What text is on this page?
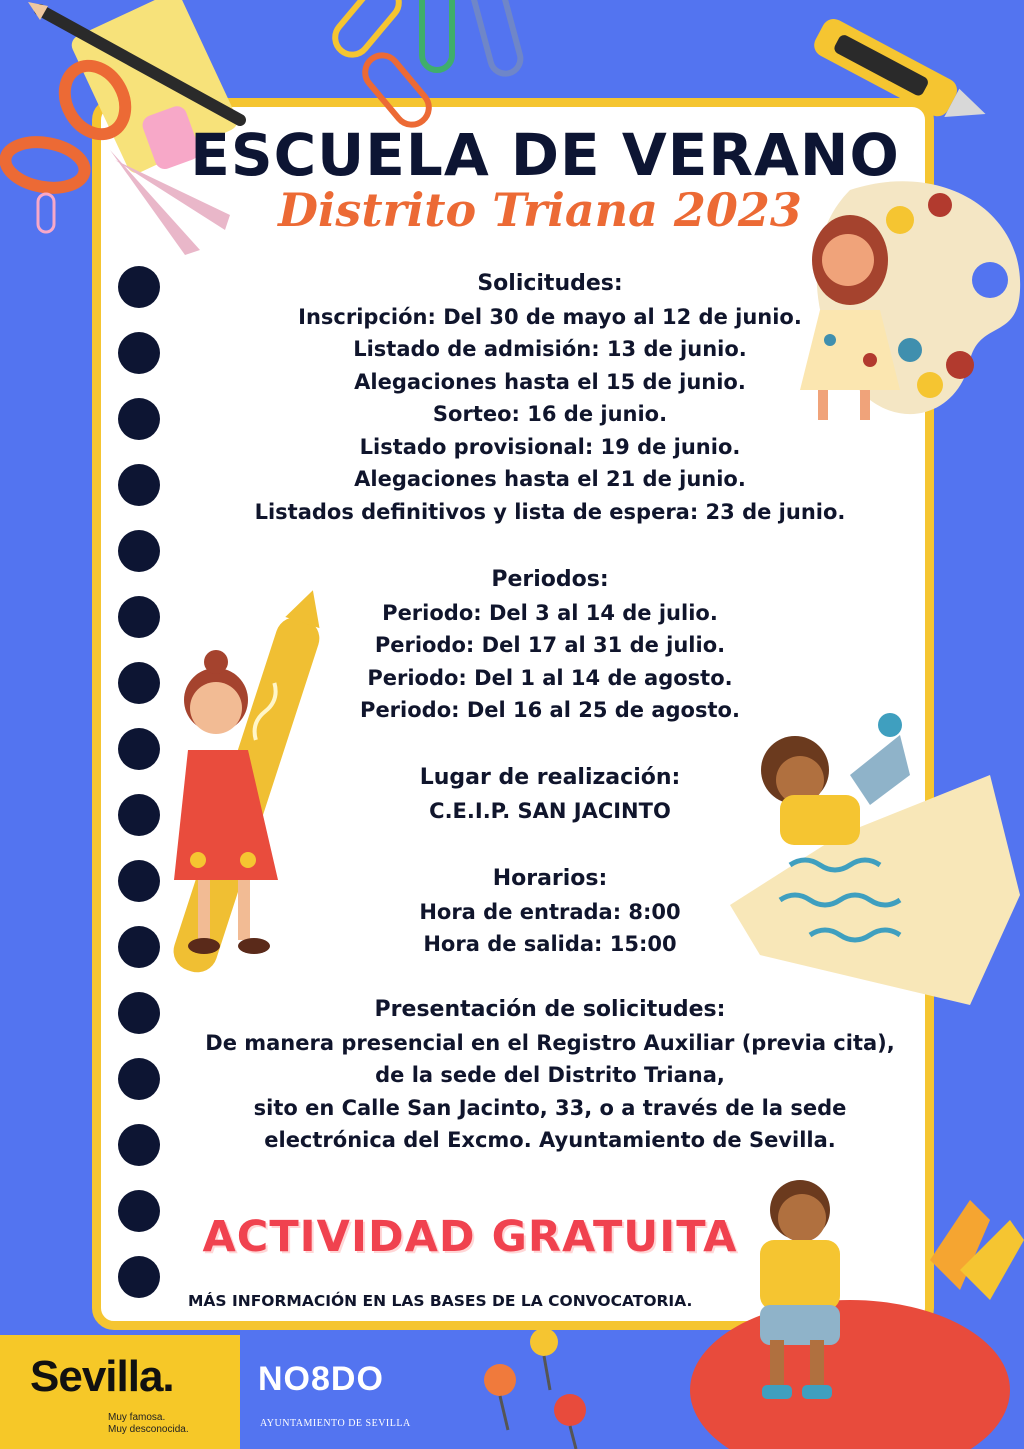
ESCUELA DE VERANO
Distrito Triana 2023
Solicitudes:
Inscripción: Del 30 de mayo al 12 de junio.
Listado de admisión: 13 de junio.
Alegaciones hasta el 15 de junio.
Sorteo: 16 de junio.
Listado provisional: 19 de junio.
Alegaciones hasta el 21 de junio.
Listados definitivos y lista de espera: 23 de junio.
Periodos:
Periodo: Del 3 al 14 de julio.
Periodo: Del 17 al 31 de julio.
Periodo: Del 1 al 14 de agosto.
Periodo: Del 16 al 25 de agosto.
Lugar de realización:
C.E.I.P. SAN JACINTO
Horarios:
Hora de entrada: 8:00
Hora de salida: 15:00
Presentación de solicitudes:
De manera presencial en el Registro Auxiliar (previa cita),
de la sede del Distrito Triana,
sito en Calle San Jacinto, 33, o a través de la sede
electrónica del Excmo. Ayuntamiento de Sevilla.
ACTIVIDAD GRATUITA
MÁS INFORMACIÓN EN LAS BASES DE LA CONVOCATORIA.
Sevilla.
Muy famosa.
Muy desconocida.
NO8DO
AYUNTAMIENTO DE SEVILLA
